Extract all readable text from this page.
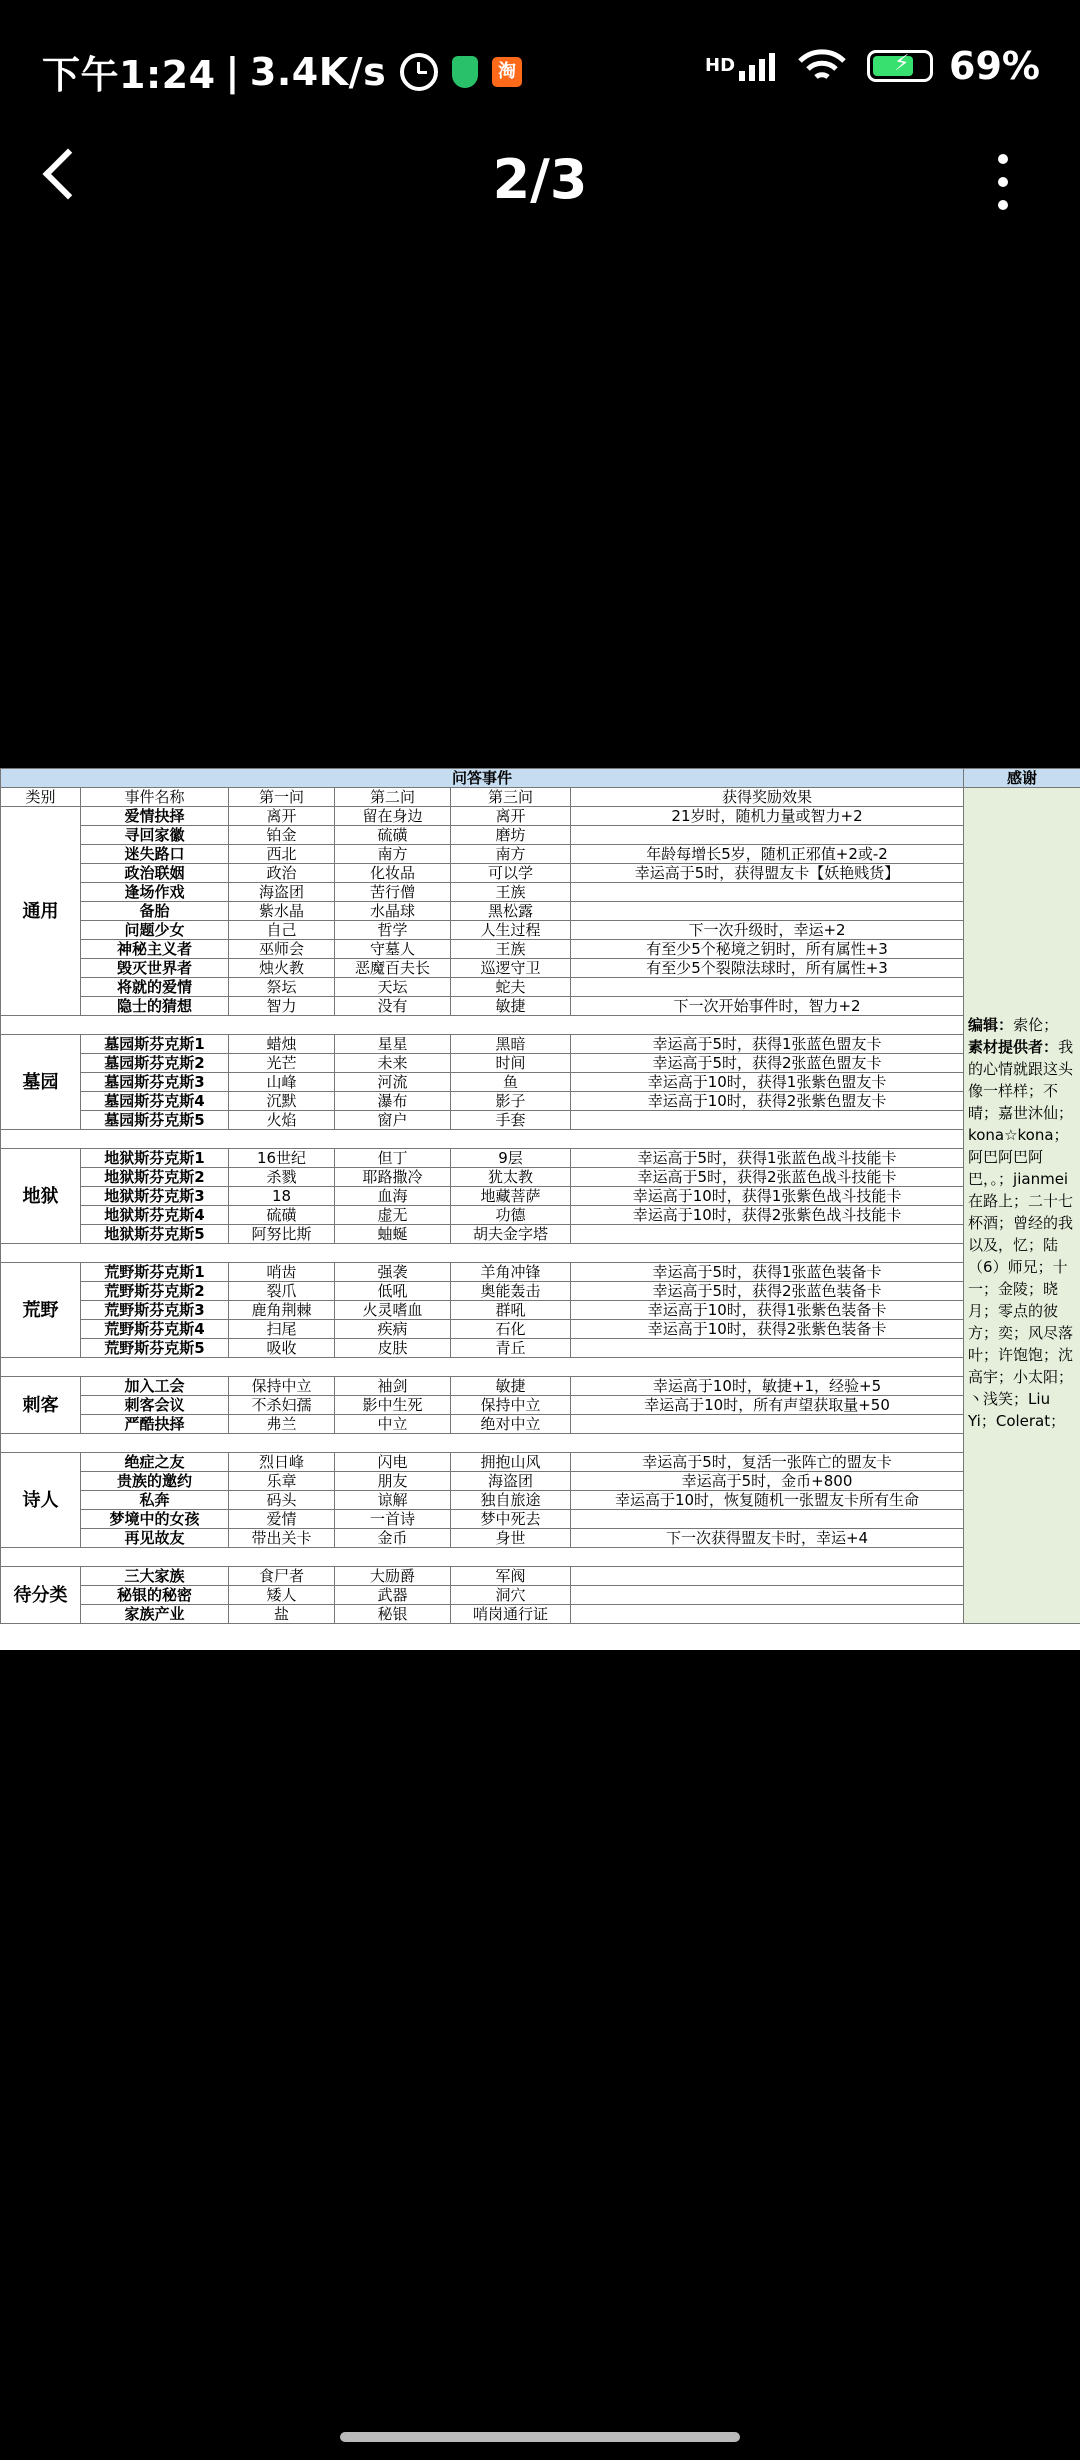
下午1:24 | 3.4K/s	淘	HD	⚡ 69%
2/3
问答事件						感谢
类别	事件名称	第一问	第二问	第三问	获得奖励效果	编辑：索伦；
素材提供者：我的心情就跟这头像一样样；不晴；嘉世沐仙；kona☆kona；阿巴阿巴阿巴，。；jianmei在路上；二十七杯酒；曾经的我以及，忆；陆（6）师兄；十一；金陵；晓月；零点的彼方；奕；风尽落叶；许饱饱；沈高宇；小太阳；丶浅笑；Liu Yi；Colerat；

通用	爱情抉择	离开	留在身边	离开	21岁时，随机力量或智力+2	
	寻回家徽	铂金	硫磺	磨坊		
	迷失路口	西北	南方	南方	年龄每增长5岁，随机正邪值+2或-2	
	政治联姻	政治	化妆品	可以学	幸运高于5时，获得盟友卡【妖艳贱货】	
	逢场作戏	海盗团	苦行僧	王族		
	备胎	紫水晶	水晶球	黑松露		
	问题少女	自己	哲学	人生过程	下一次升级时，幸运+2	
	神秘主义者	巫师会	守墓人	王族	有至少5个秘境之钥时，所有属性+3	
	毁灭世界者	烛火教	恶魔百夫长	巡逻守卫	有至少5个裂隙法球时，所有属性+3	
	将就的爱情	祭坛	天坛	蛇夫		
	隐士的猜想	智力	没有	敏捷	下一次开始事件时，智力+2	

墓园	墓园斯芬克斯1	蜡烛	星星	黑暗	幸运高于5时，获得1张蓝色盟友卡	
	墓园斯芬克斯2	光芒	未来	时间	幸运高于5时，获得2张蓝色盟友卡	
	墓园斯芬克斯3	山峰	河流	鱼	幸运高于10时，获得1张紫色盟友卡	
	墓园斯芬克斯4	沉默	瀑布	影子	幸运高于10时，获得2张紫色盟友卡	
	墓园斯芬克斯5	火焰	窗户	手套		

地狱	地狱斯芬克斯1	16世纪	但丁	9层	幸运高于5时，获得1张蓝色战斗技能卡	
	地狱斯芬克斯2	杀戮	耶路撒冷	犹太教	幸运高于5时，获得2张蓝色战斗技能卡	
	地狱斯芬克斯3	18	血海	地藏菩萨	幸运高于10时，获得1张紫色战斗技能卡	
	地狱斯芬克斯4	硫磺	虚无	功德	幸运高于10时，获得2张紫色战斗技能卡	
	地狱斯芬克斯5	阿努比斯	蚰蜒	胡夫金字塔		

荒野	荒野斯芬克斯1	哨齿	强袭	羊角冲锋	幸运高于5时，获得1张蓝色装备卡	
	荒野斯芬克斯2	裂爪	低吼	奥能轰击	幸运高于5时，获得2张蓝色装备卡	
	荒野斯芬克斯3	鹿角荆棘	火灵嗜血	群吼	幸运高于10时，获得1张紫色装备卡	
	荒野斯芬克斯4	扫尾	疾病	石化	幸运高于10时，获得2张紫色装备卡	
	荒野斯芬克斯5	吸收	皮肤	青丘		

刺客	加入工会	保持中立	袖剑	敏捷	幸运高于10时，敏捷+1，经验+5	
	刺客会议	不杀妇孺	影中生死	保持中立	幸运高于10时，所有声望获取量+50	
	严酷抉择	弗兰	中立	绝对中立		

诗人	绝症之友	烈日峰	闪电	拥抱山风	幸运高于5时，复活一张阵亡的盟友卡	
	贵族的邀约	乐章	朋友	海盗团	幸运高于5时，金币+800	
	私奔	码头	谅解	独自旅途	幸运高于10时，恢复随机一张盟友卡所有生命	
	梦境中的女孩	爱情	一首诗	梦中死去		
	再见故友	带出关卡	金币	身世	下一次获得盟友卡时，幸运+4	

待分类	三大家族	食尸者	大励爵	军阀		
	秘银的秘密	矮人	武器	洞穴		
	家族产业	盐	秘银	哨岗通行证		
